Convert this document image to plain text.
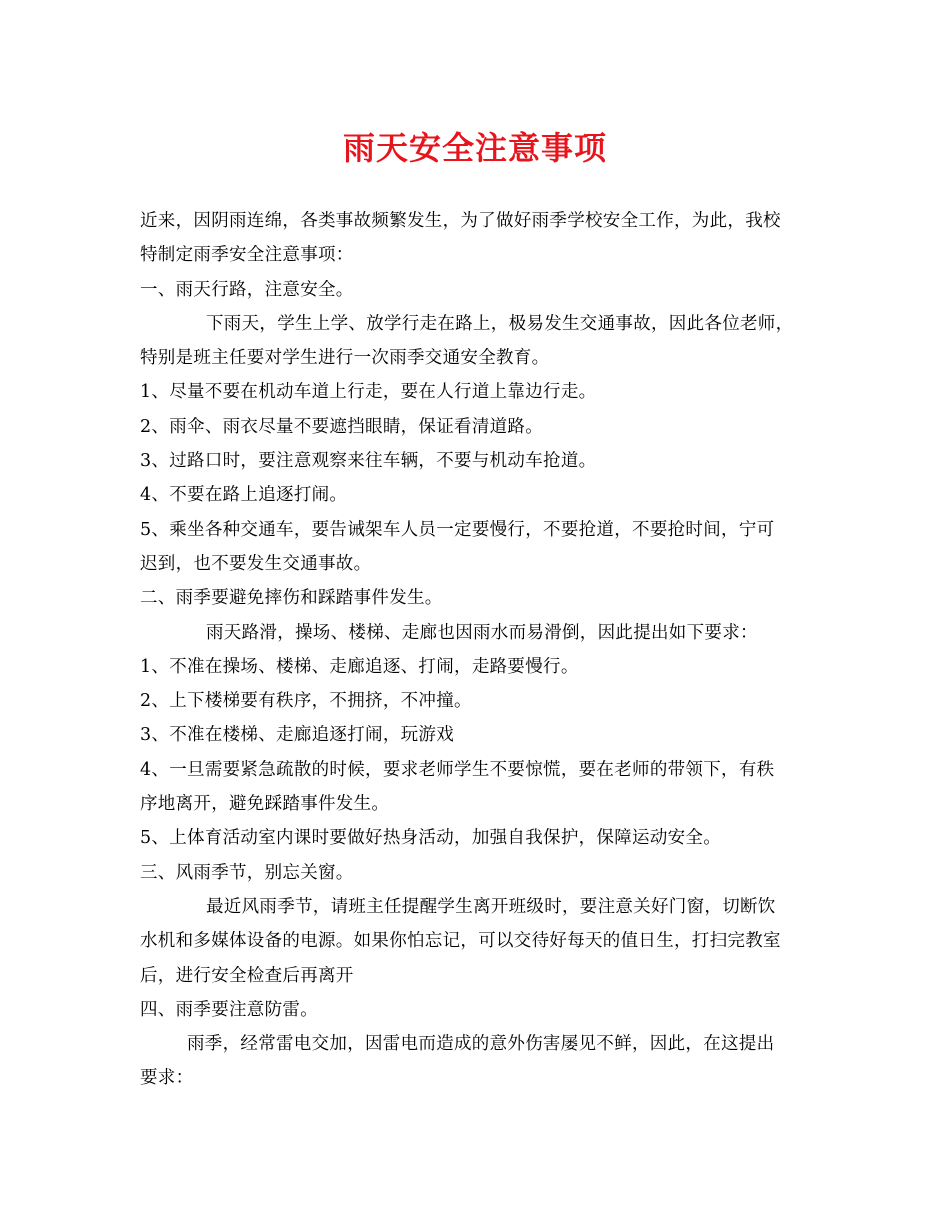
雨天安全注意事项
近来，因阴雨连绵，各类事故频繁发生，为了做好雨季学校安全工作，为此，我校
特制定雨季安全注意事项：
一、雨天行路，注意安全。
下雨天，学生上学、放学行走在路上，极易发生交通事故，因此各位老师，
特别是班主任要对学生进行一次雨季交通安全教育。
1、尽量不要在机动车道上行走，要在人行道上靠边行走。
2、雨伞、雨衣尽量不要遮挡眼睛，保证看清道路。
3、过路口时，要注意观察来往车辆，不要与机动车抢道。
4、不要在路上追逐打闹。
5、乘坐各种交通车，要告诫架车人员一定要慢行，不要抢道，不要抢时间，宁可
迟到，也不要发生交通事故。
二、雨季要避免摔伤和踩踏事件发生。
雨天路滑，操场、楼梯、走廊也因雨水而易滑倒，因此提出如下要求：
1、不准在操场、楼梯、走廊追逐、打闹，走路要慢行。
2、上下楼梯要有秩序，不拥挤，不冲撞。
3、不准在楼梯、走廊追逐打闹，玩游戏
4、一旦需要紧急疏散的时候，要求老师学生不要惊慌，要在老师的带领下，有秩
序地离开，避免踩踏事件发生。
5、上体育活动室内课时要做好热身活动，加强自我保护，保障运动安全。
三、风雨季节，别忘关窗。
最近风雨季节，请班主任提醒学生离开班级时，要注意关好门窗，切断饮
水机和多媒体设备的电源。如果你怕忘记，可以交待好每天的值日生，打扫完教室
后，进行安全检查后再离开
四、雨季要注意防雷。
雨季，经常雷电交加，因雷电而造成的意外伤害屡见不鲜，因此，在这提出
要求：
